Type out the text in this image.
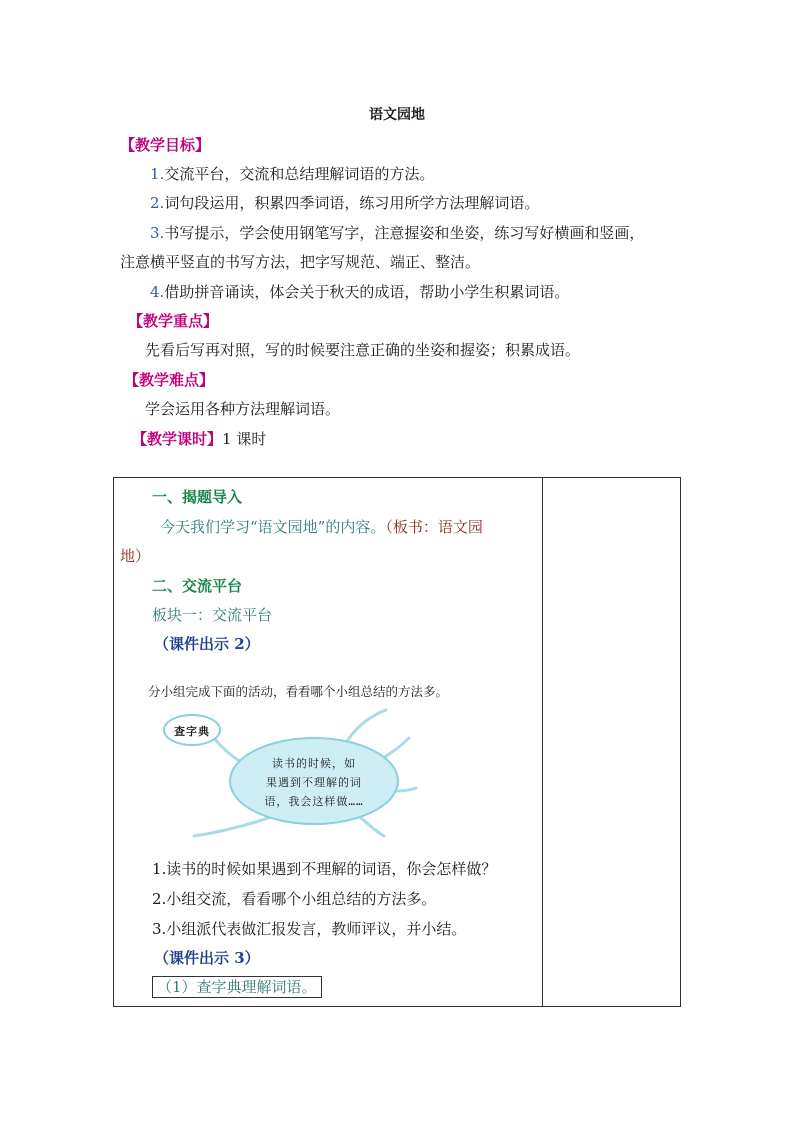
语文园地
【教学目标】
1.交流平台，交流和总结理解词语的方法。
2.词句段运用，积累四季词语，练习用所学方法理解词语。
3.书写提示，学会使用钢笔写字，注意握姿和坐姿，练习写好横画和竖画，
注意横平竖直的书写方法，把字写规范、端正、整洁。
4.借助拼音诵读，体会关于秋天的成语，帮助小学生积累词语。
【教学重点】
先看后写再对照，写的时候要注意正确的坐姿和握姿；积累成语。
【教学难点】
学会运用各种方法理解词语。
【教学课时】1 课时
一、揭题导入
今天我们学习“语文园地”的内容。（板书：语文园
地）
二、交流平台
板块一：交流平台
（课件出示 2）
分小组完成下面的活动，看看哪个小组总结的方法多。
查字典
读书的时候，如
果遇到不理解的词
语，我会这样做……
1.读书的时候如果遇到不理解的词语，你会怎样做？
2.小组交流，看看哪个小组总结的方法多。
3.小组派代表做汇报发言，教师评议，并小结。
（课件出示 3）
（1）查字典理解词语。
